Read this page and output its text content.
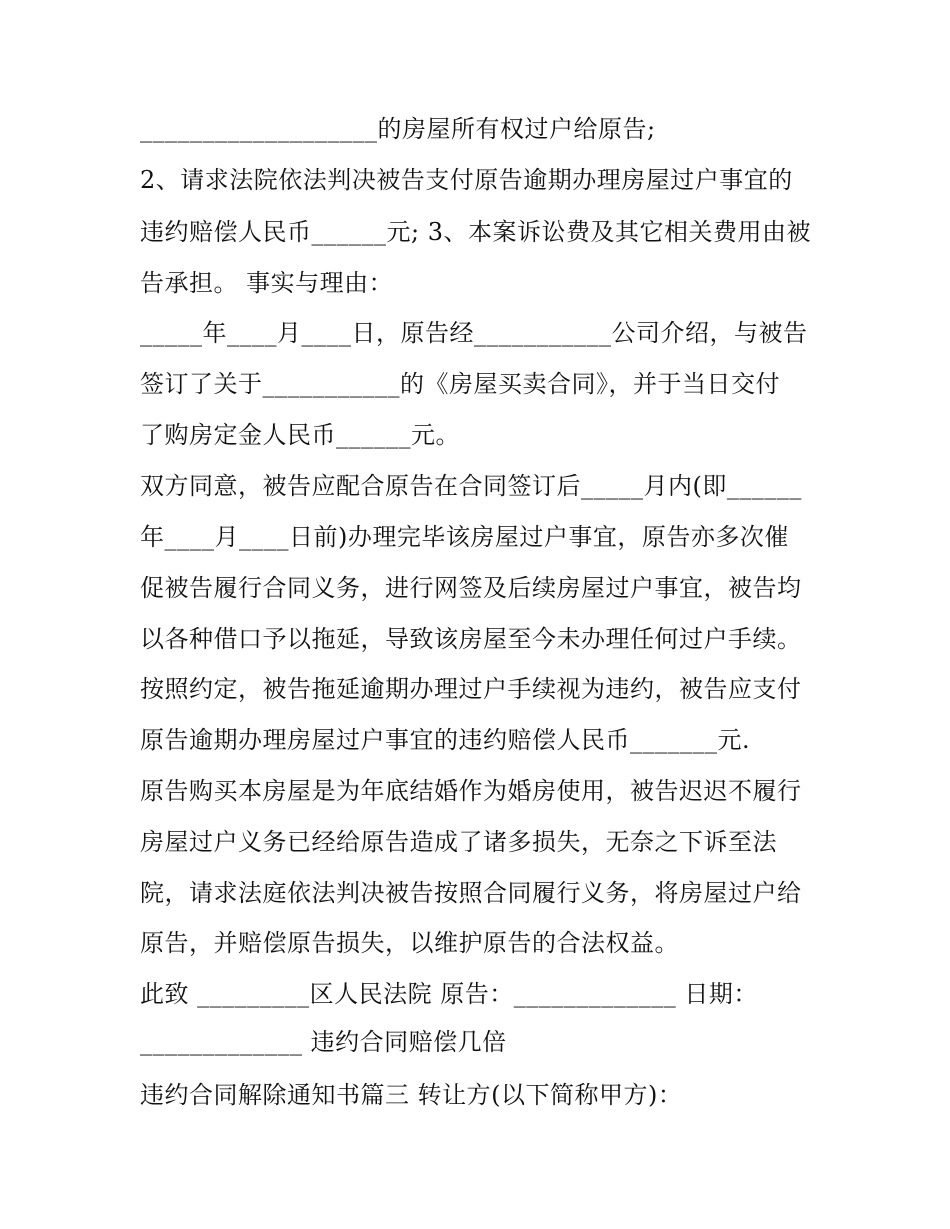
___________________的房屋所有权过户给原告;
2、请求法院依法判决被告支付原告逾期办理房屋过户事宜的
违约赔偿人民币______元; 3、本案诉讼费及其它相关费用由被
告承担。 事实与理由：
_____年____月____日，原告经___________公司介绍，与被告
签订了关于___________的《房屋买卖合同》，并于当日交付
了购房定金人民币______元。
双方同意，被告应配合原告在合同签订后_____月内(即______
年____月____日前)办理完毕该房屋过户事宜，原告亦多次催
促被告履行合同义务，进行网签及后续房屋过户事宜，被告均
以各种借口予以拖延，导致该房屋至今未办理任何过户手续。
按照约定，被告拖延逾期办理过户手续视为违约，被告应支付
原告逾期办理房屋过户事宜的违约赔偿人民币_______元.
原告购买本房屋是为年底结婚作为婚房使用，被告迟迟不履行
房屋过户义务已经给原告造成了诸多损失，无奈之下诉至法
院，请求法庭依法判决被告按照合同履行义务，将房屋过户给
原告，并赔偿原告损失，以维护原告的合法权益。
此致 _________区人民法院 原告：_____________ 日期：
_____________ 违约合同赔偿几倍
违约合同解除通知书篇三 转让方(以下简称甲方)：
